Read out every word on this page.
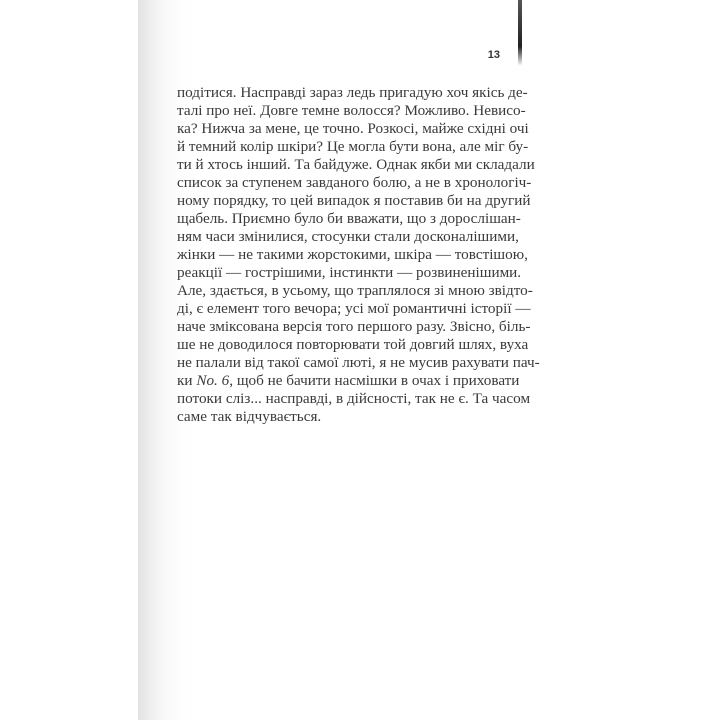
13

подітися. Насправді зараз ледь пригадую хоч якісь де-
талі про неї. Довге темне волосся? Можливо. Невисо-
ка? Нижча за мене, це точно. Розкосі, майже східні очі
й темний колір шкіри? Це могла бути вона, але міг бу-
ти й хтось інший. Та байдуже. Однак якби ми складали
список за ступенем завданого болю, а не в хронологіч-
ному порядку, то цей випадок я поставив би на другий
щабель. Приємно було би вважати, що з дорослішан-
ням часи змінилися, стосунки стали досконалішими,
жінки — не такими жорстокими, шкіра — товстішою,
реакції — гострішими, інстинкти — розвиненішими.
Але, здається, в усьому, що траплялося зі мною звідто-
ді, є елемент того вечора; усі мої романтичні історії —
наче зміксована версія того першого разу. Звісно, біль-
ше не доводилося повторювати той довгий шлях, вуха
не палали від такої самої люті, я не мусив рахувати пач-
ки No. 6, щоб не бачити насмішки в очах і приховати
потоки сліз... насправді, в дійсності, так не є. Та часом
саме так відчувається.
